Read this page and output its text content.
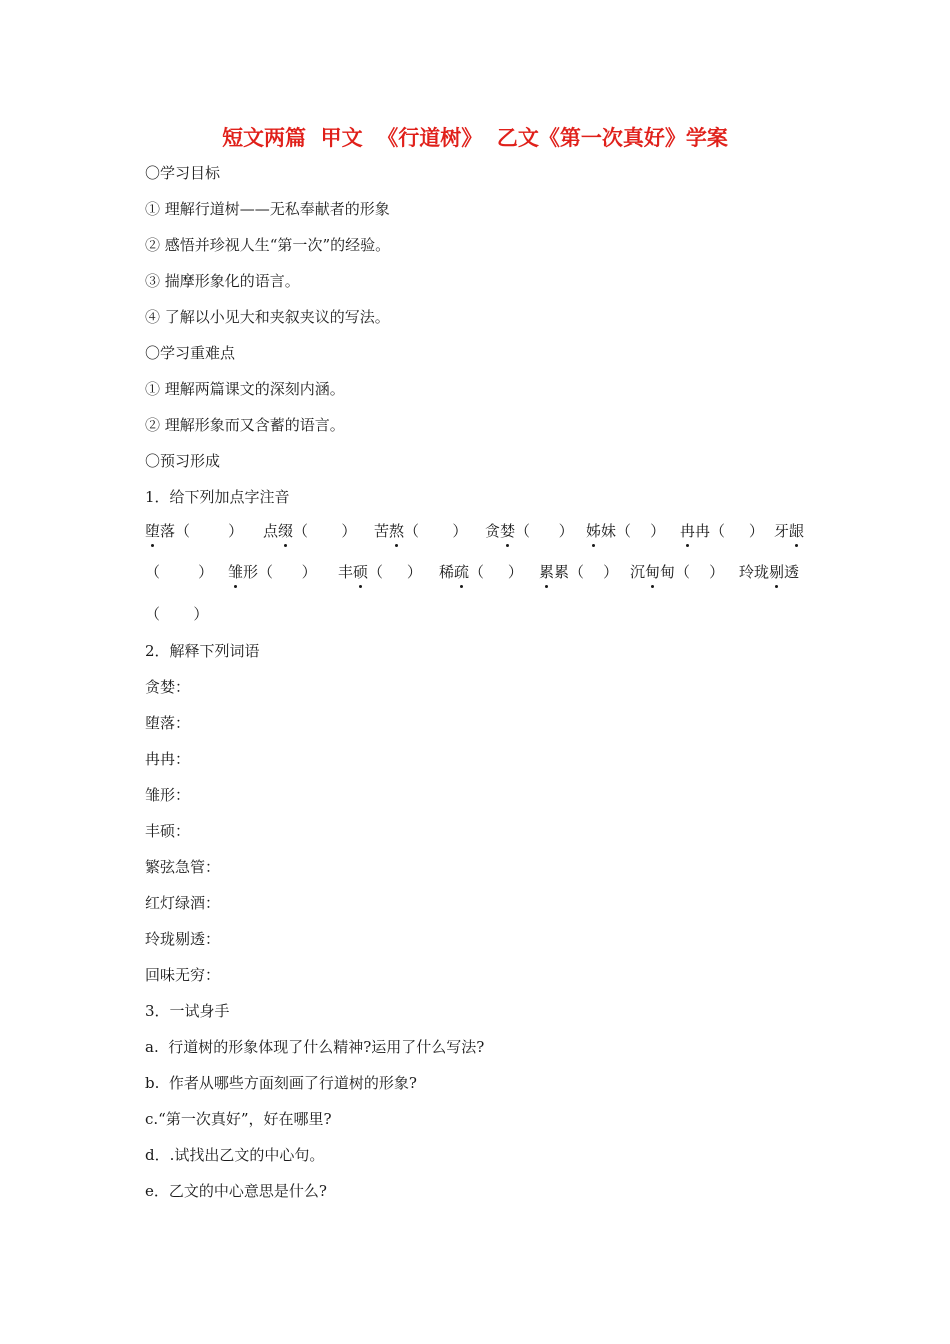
短文两篇  甲文  《行道树》  乙文《第一次真好》学案
〇学习目标
① 理解行道树——无私奉献者的形象
② 感悟并珍视人生“第一次”的经验。
③ 揣摩形象化的语言。
④ 了解以小见大和夹叙夹议的写法。
〇学习重难点
① 理解两篇课文的深刻内涵。
② 理解形象而又含蓄的语言。
〇预习形成
1．给下列加点字注音
堕落（        ） 点缀（       ） 苦熬（       ） 贪婪（      ） 姊妹（    ） 冉冉（     ） 牙龈
（        ） 雏形（      ） 丰硕（     ） 稀疏（     ） 累累（    ） 沉甸甸（    ） 玲珑剔透
（       ）
2．解释下列词语
贪婪：
堕落：
冉冉：
雏形：
丰硕：
繁弦急管：
红灯绿酒：
玲珑剔透：
回味无穷：
3．一试身手
a.  行道树的形象体现了什么精神?运用了什么写法?
b.  作者从哪些方面刻画了行道树的形象?
c.“第一次真好”，好在哪里?
d．.试找出乙文的中心句。
e．乙文的中心意思是什么?
